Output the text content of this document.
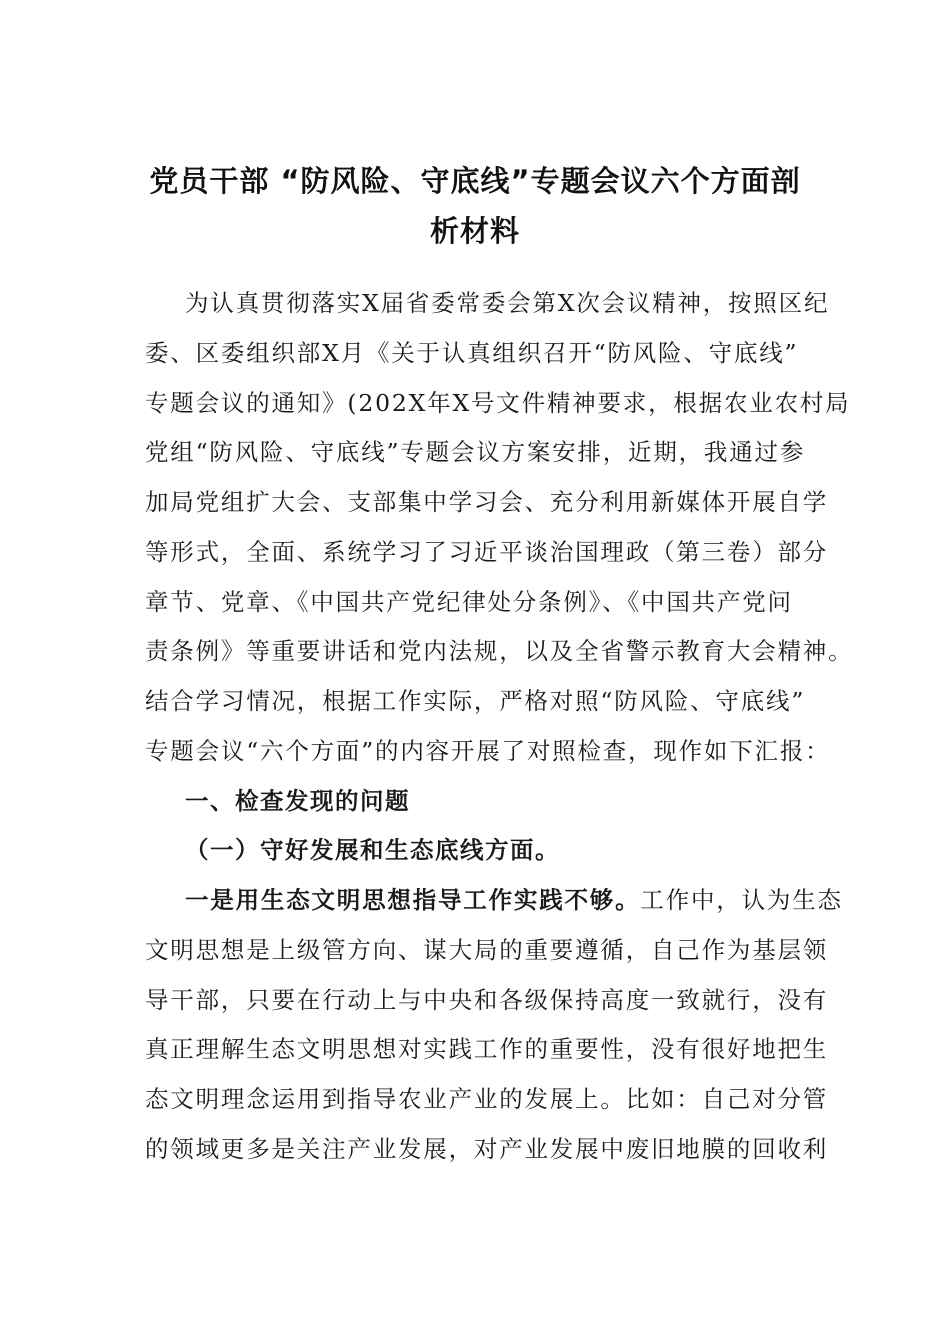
党员干部 “防风险、守底线”专题会议六个方面剖
析材料
为认真贯彻落实X届省委常委会第X次会议精神，按照区纪
委、区委组织部X月《关于认真组织召开“防风险、守底线”
专题会议的通知》(202X年X号文件精神要求，根据农业农村局
党组“防风险、守底线”专题会议方案安排，近期，我通过参
加局党组扩大会、支部集中学习会、充分利用新媒体开展自学
等形式，全面、系统学习了习近平谈治国理政（第三卷）部分
章节、党章、《中国共产党纪律处分条例》、《中国共产党问
责条例》等重要讲话和党内法规，以及全省警示教育大会精神。
结合学习情况，根据工作实际，严格对照“防风险、守底线”
专题会议“六个方面”的内容开展了对照检查，现作如下汇报：
一、检查发现的问题
（一）守好发展和生态底线方面。
一是用生态文明思想指导工作实践不够。工作中，认为生态
文明思想是上级管方向、谋大局的重要遵循，自己作为基层领
导干部，只要在行动上与中央和各级保持高度一致就行，没有
真正理解生态文明思想对实践工作的重要性，没有很好地把生
态文明理念运用到指导农业产业的发展上。比如：自己对分管
的领域更多是关注产业发展，对产业发展中废旧地膜的回收利
